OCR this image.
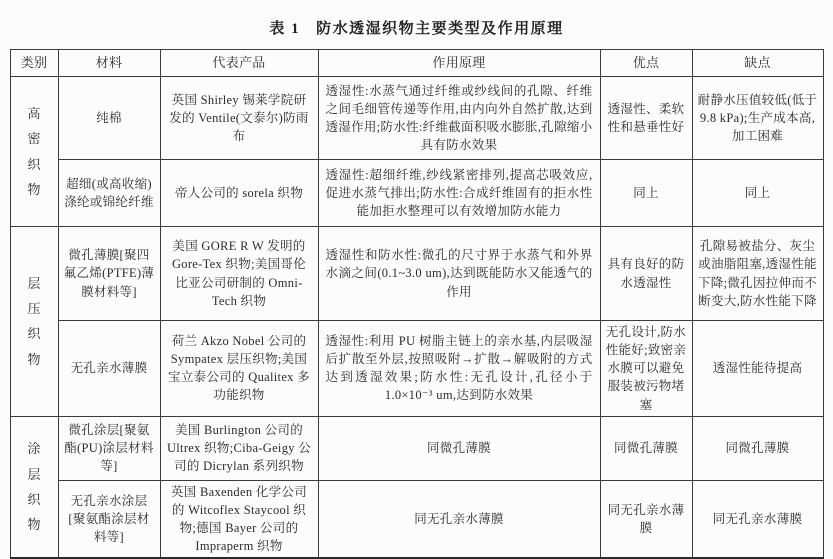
表 1 防水透湿织物主要类型及作用原理
类别	材料	代表产品	作用原理	优点	缺点

高密织物	纯棉	英国 Shirley 锡莱学院研发的 Ventile(文泰尔)防雨布	透湿性:水蒸气通过纤维或纱线间的孔隙、纤维之间毛细管传递等作用,由内向外自然扩散,达到透湿作用;防水性:纤维截面积吸水膨胀,孔隙缩小具有防水效果	透湿性、柔软性和悬垂性好	耐静水压值较低(低于 9.8 kPa);生产成本高,加工困难
	超细(或高收缩)涤纶或锦纶纤维	帝人公司的 sorela 织物	透湿性:超细纤维,纱线紧密排列,提高芯吸效应,促进水蒸气排出;防水性:合成纤维固有的拒水性能加拒水整理可以有效增加防水能力	同上	同上

层压织物	微孔薄膜[聚四氟乙烯(PTFE)薄膜材料等]	美国 GORE R W 发明的 Gore-Tex 织物;美国哥伦比亚公司研制的 Omni-Tech 织物	透湿性和防水性:微孔的尺寸界于水蒸气和外界水滴之间(0.1~3.0 um),达到既能防水又能透气的作用	具有良好的防水透湿性	孔隙易被盐分、灰尘或油脂阻塞,透湿性能下降;微孔因拉伸而不断变大,防水性能下降
	无孔亲水薄膜	荷兰 Akzo Nobel 公司的 Sympatex 层压织物;美国宝立泰公司的 Qualitex 多功能织物	透湿性:利用 PU 树脂主链上的亲水基,内层吸湿后扩散至外层,按照吸附→扩散→解吸附的方式达到透湿效果;防水性:无孔设计,孔径小于 1.0×10⁻³ um,达到防水效果	无孔设计,防水性能好;致密亲水膜可以避免服装被污物堵塞	透湿性能待提高

涂层织物	微孔涂层[聚氨酯(PU)涂层材料等]	美国 Burlington 公司的 Ultrex 织物;Ciba-Geigy 公司的 Dicrylan 系列织物	同微孔薄膜	同微孔薄膜	同微孔薄膜
	无孔亲水涂层[聚氨酯涂层材料等]	英国 Baxenden 化学公司的 Witcoflex Staycool 织物;德国 Bayer 公司的 Impraperm 织物	同无孔亲水薄膜	同无孔亲水薄膜	同无孔亲水薄膜
